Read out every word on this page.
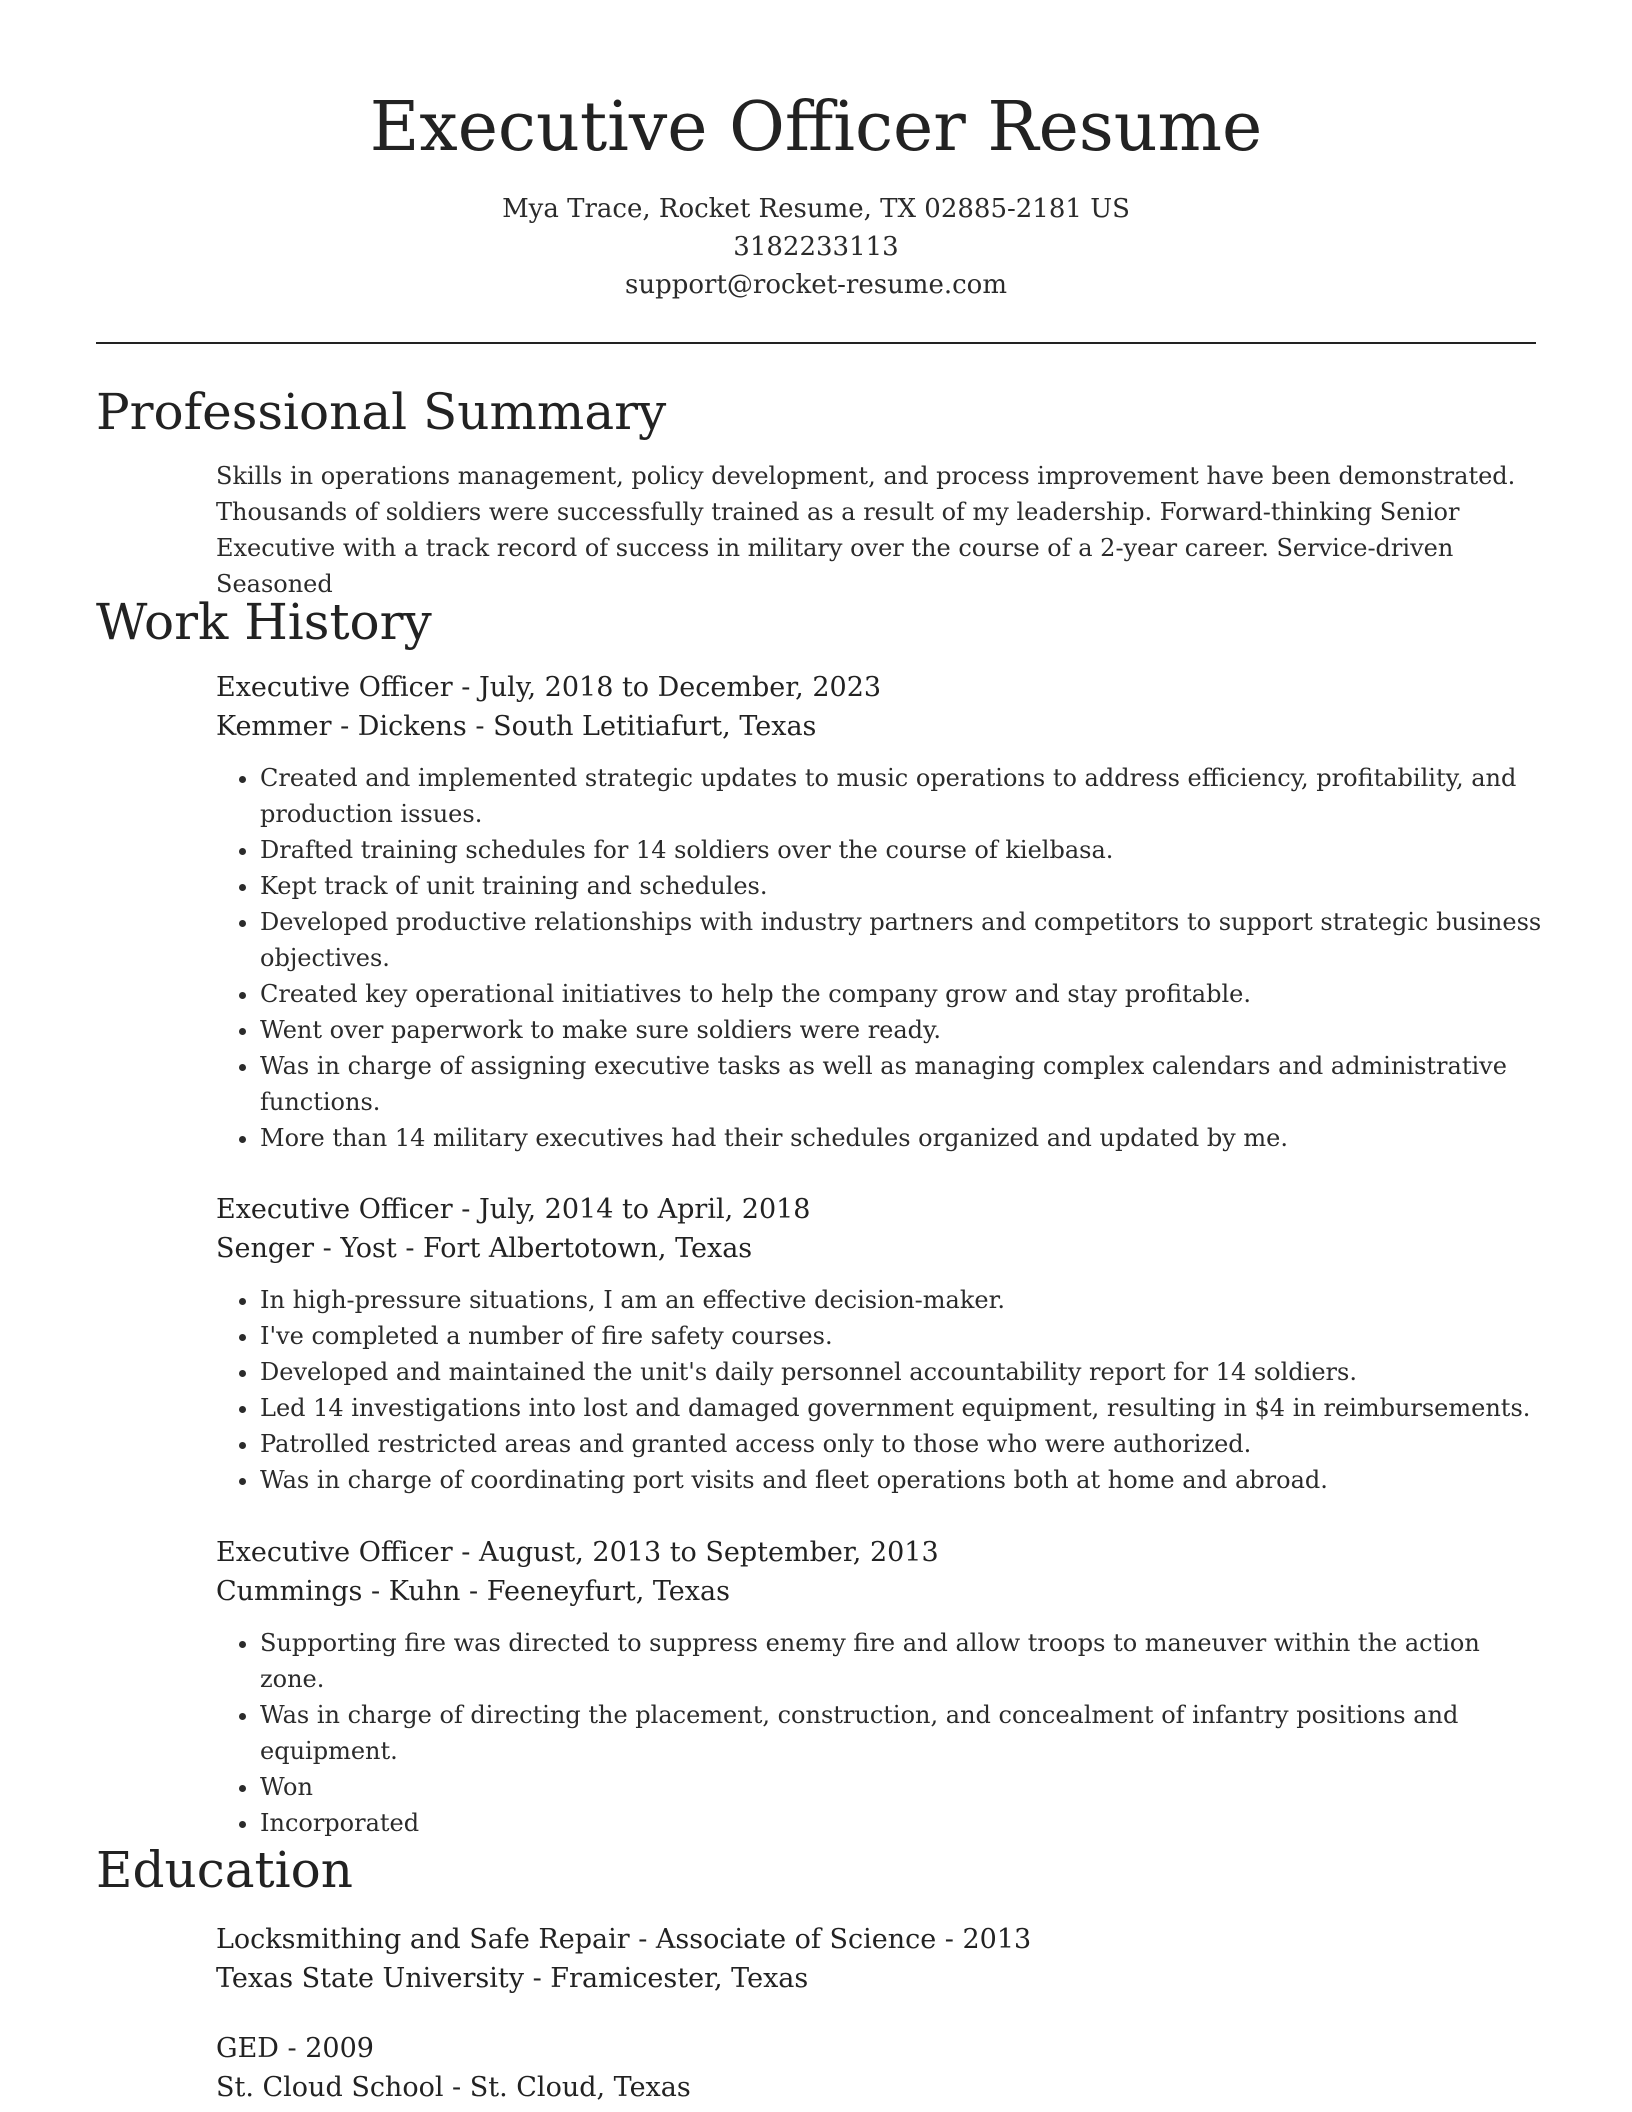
Executive Officer Resume
Mya Trace, Rocket Resume, TX 02885-2181 US
3182233113
support@rocket-resume.com
Professional Summary
Skills in operations management, policy development, and process improvement have been demonstrated. Thousands of soldiers were successfully trained as a result of my leadership. Forward-thinking Senior Executive with a track record of success in military over the course of a 2-year career. Service-driven Seasoned
Work History
Executive Officer - July, 2018 to December, 2023
Kemmer - Dickens - South Letitiafurt, Texas
• Created and implemented strategic updates to music operations to address efficiency, profitability, and production issues.
• Drafted training schedules for 14 soldiers over the course of kielbasa.
• Kept track of unit training and schedules.
• Developed productive relationships with industry partners and competitors to support strategic business objectives.
• Created key operational initiatives to help the company grow and stay profitable.
• Went over paperwork to make sure soldiers were ready.
• Was in charge of assigning executive tasks as well as managing complex calendars and administrative functions.
• More than 14 military executives had their schedules organized and updated by me.
Executive Officer - July, 2014 to April, 2018
Senger - Yost - Fort Albertotown, Texas
• In high-pressure situations, I am an effective decision-maker.
• I've completed a number of fire safety courses.
• Developed and maintained the unit's daily personnel accountability report for 14 soldiers.
• Led 14 investigations into lost and damaged government equipment, resulting in $4 in reimbursements.
• Patrolled restricted areas and granted access only to those who were authorized.
• Was in charge of coordinating port visits and fleet operations both at home and abroad.
Executive Officer - August, 2013 to September, 2013
Cummings - Kuhn - Feeneyfurt, Texas
• Supporting fire was directed to suppress enemy fire and allow troops to maneuver within the action zone.
• Was in charge of directing the placement, construction, and concealment of infantry positions and equipment.
• Won
• Incorporated
Education
Locksmithing and Safe Repair - Associate of Science - 2013
Texas State University - Framicester, Texas
GED - 2009
St. Cloud School - St. Cloud, Texas
